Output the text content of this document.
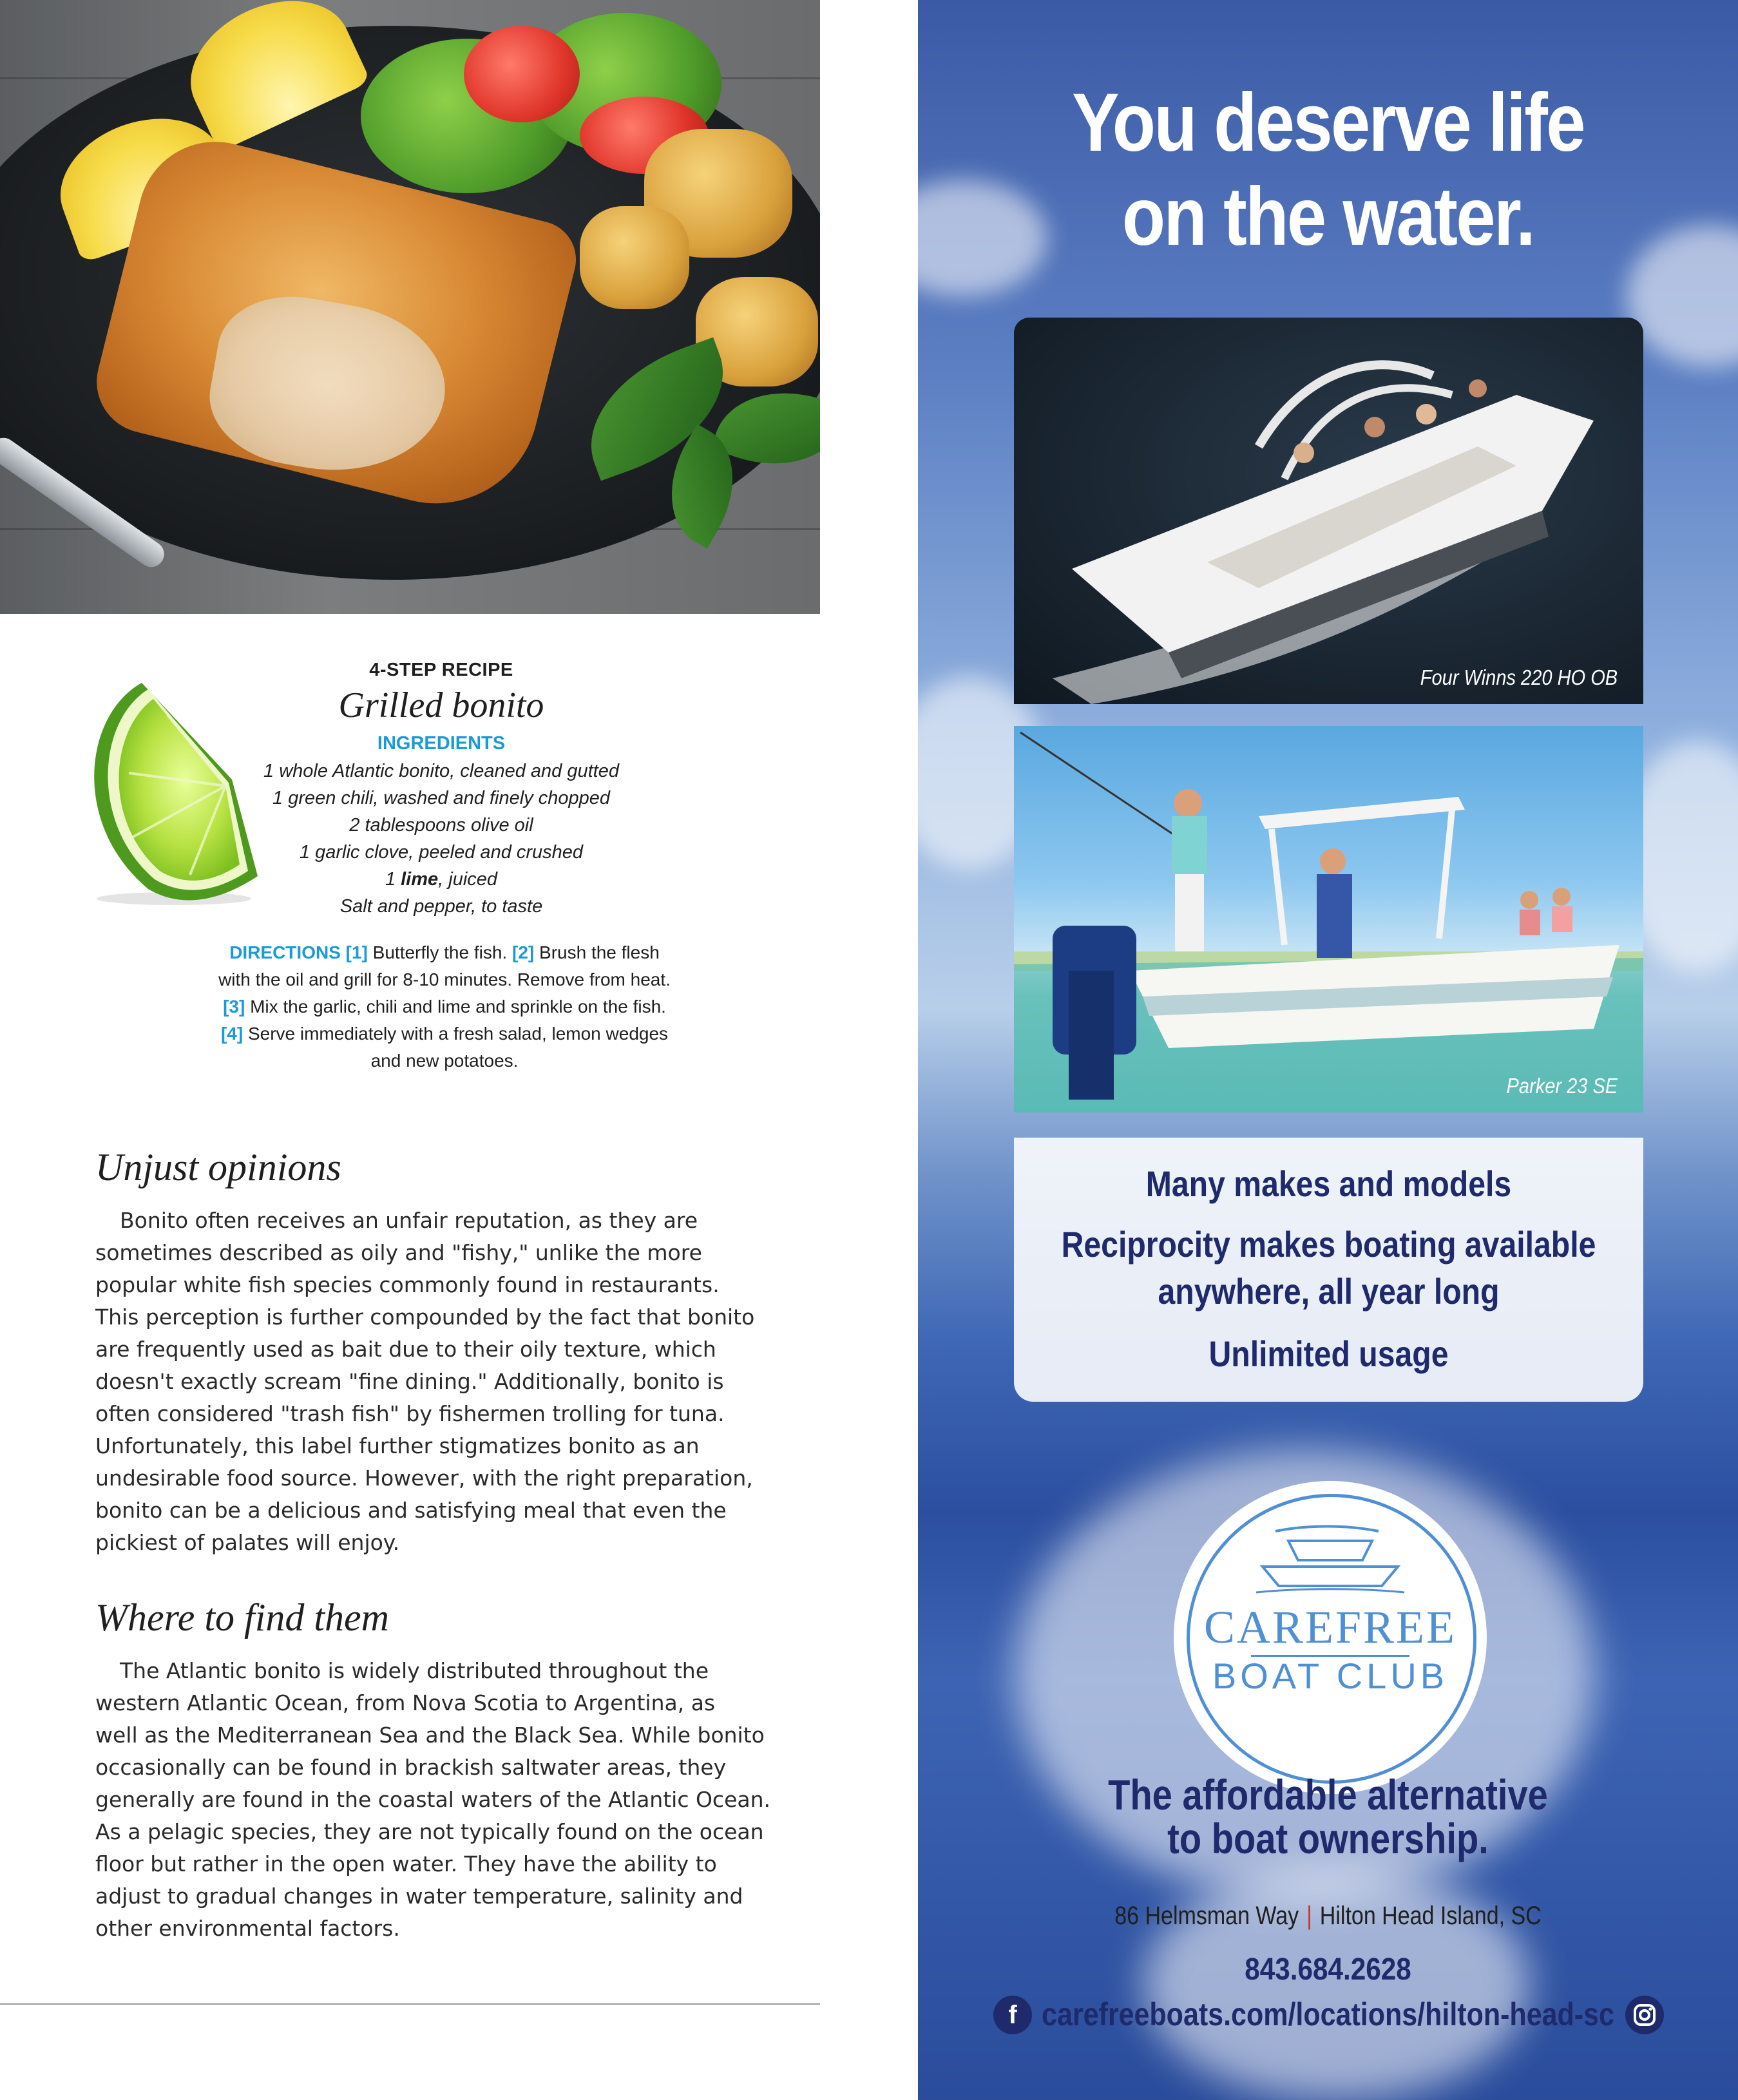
4-STEP RECIPE
Grilled bonito
INGREDIENTS
1 whole Atlantic bonito, cleaned and gutted
1 green chili, washed and finely chopped
2 tablespoons olive oil
1 garlic clove, peeled and crushed
1 lime, juiced
Salt and pepper, to taste
DIRECTIONS [1] Butterfly the fish. [2] Brush the flesh with the oil and grill for 8-10 minutes. Remove from heat. [3] Mix the garlic, chili and lime and sprinkle on the fish. [4] Serve immediately with a fresh salad, lemon wedges and new potatoes.
Unjust opinions
Bonito often receives an unfair reputation, as they are
sometimes described as oily and "fishy," unlike the more
popular white fish species commonly found in restaurants.
This perception is further compounded by the fact that bonito
are frequently used as bait due to their oily texture, which
doesn't exactly scream "fine dining." Additionally, bonito is
often considered "trash fish" by fishermen trolling for tuna.
Unfortunately, this label further stigmatizes bonito as an
undesirable food source. However, with the right preparation,
bonito can be a delicious and satisfying meal that even the
pickiest of palates will enjoy.
Where to find them
The Atlantic bonito is widely distributed throughout the
western Atlantic Ocean, from Nova Scotia to Argentina, as
well as the Mediterranean Sea and the Black Sea. While bonito
occasionally can be found in brackish saltwater areas, they
generally are found in the coastal waters of the Atlantic Ocean.
As a pelagic species, they are not typically found on the ocean
floor but rather in the open water. They have the ability to
adjust to gradual changes in water temperature, salinity and
other environmental factors.
You deserve life
on the water.
Four Winns 220 HO OB
Parker 23 SE
Many makes and models
Reciprocity makes boating available
anywhere, all year long
Unlimited usage
CAREFREE
BOAT CLUB
The affordable alternative
to boat ownership.
86 Helmsman Way | Hilton Head Island, SC
843.684.2628
f carefreeboats.com/locations/hilton-head-sc
